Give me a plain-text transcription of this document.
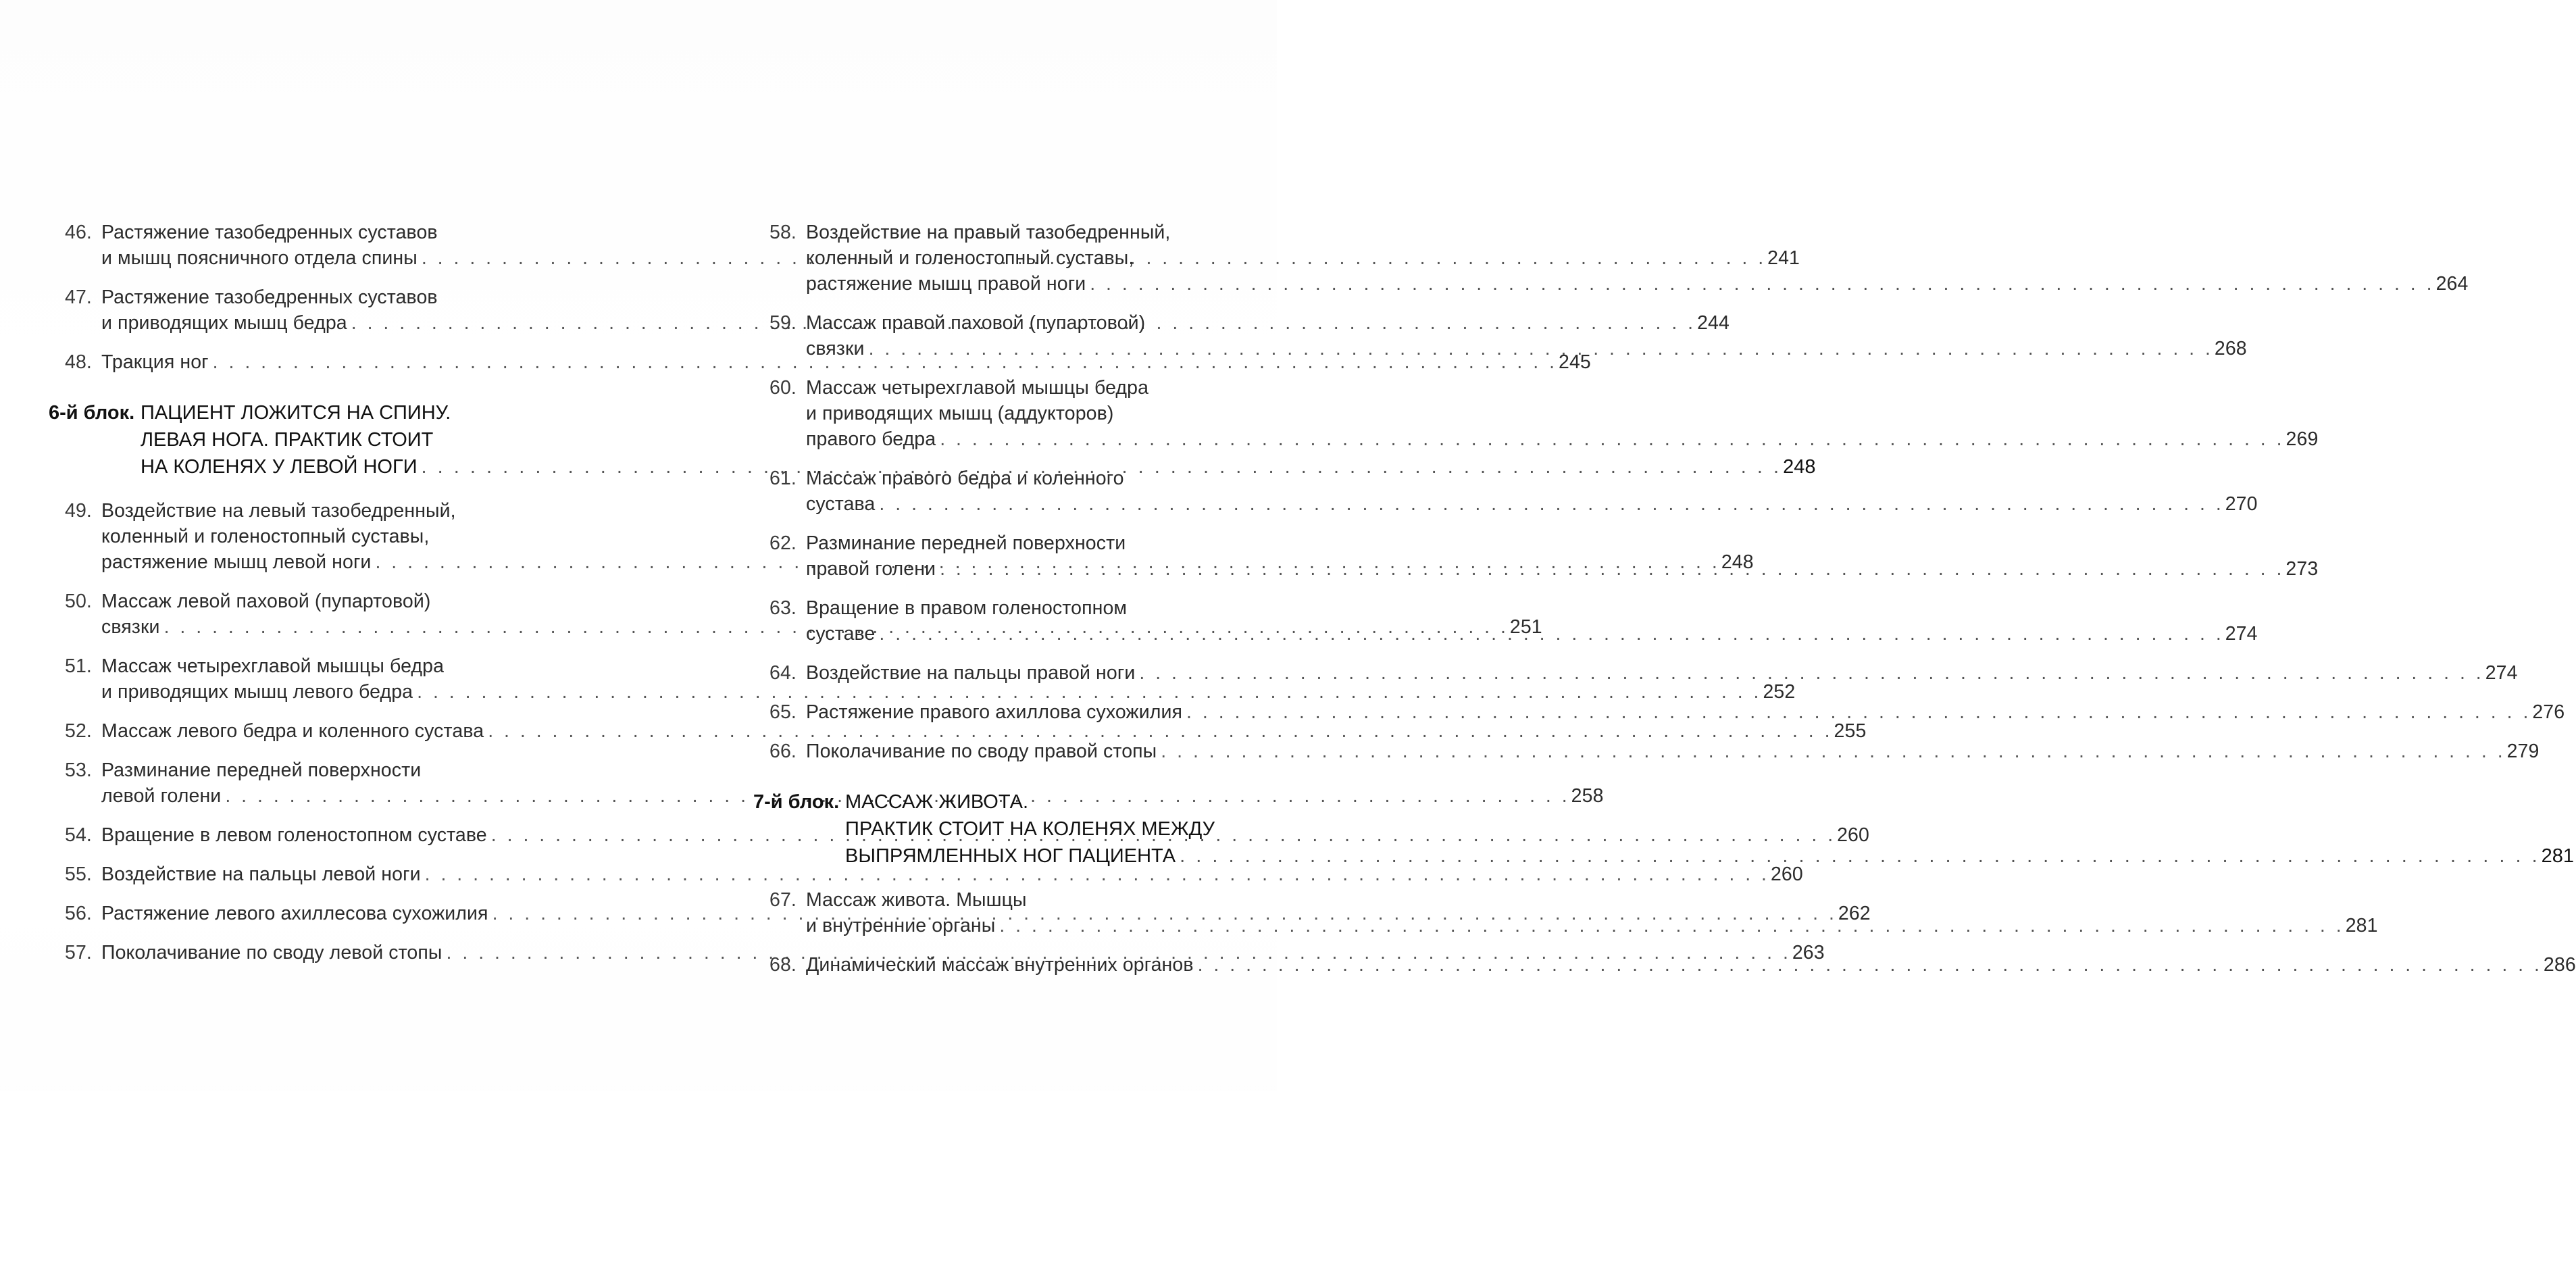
46. Растяжение тазобедренных суставов
и мышц поясничного отдела спины . . .	241
47. Растяжение тазобедренных суставов
и приводящих мышц бедра . . .	244
48. Тракция ног . . .	245
6-й блок. ПАЦИЕНТ ЛОЖИТСЯ НА СПИНУ.
ЛЕВАЯ НОГА. ПРАКТИК СТОИТ
НА КОЛЕНЯХ У ЛЕВОЙ НОГИ . . .	248
49. Воздействие на левый тазобедренный,
коленный и голеностопный суставы,
растяжение мышц левой ноги . . .	248
50. Массаж левой паховой (пупартовой)
связки . . .	251
51. Массаж четырехглавой мышцы бедра
и приводящих мышц левого бедра . . .	252
52. Массаж левого бедра и коленного сустава . . .	255
53. Разминание передней поверхности
левой голени . . .	258
54. Вращение в левом голеностопном суставе . . .	260
55. Воздействие на пальцы левой ноги . . .	260
56. Растяжение левого ахиллесова сухожилия . . .	262
57. Поколачивание по своду левой стопы . . .	263
58. Воздействие на правый тазобедренный,
коленный и голеностопный суставы,
растяжение мышц правой ноги . . .	264
59. Массаж правой паховой (пупартовой)
связки . . .	268
60. Массаж четырехглавой мышцы бедра
и приводящих мышц (аддукторов)
правого бедра . . .	269
61. Массаж правого бедра и коленного
сустава . . .	270
62. Разминание передней поверхности
правой голени . . .	273
63. Вращение в правом голеностопном
суставе . . .	274
64. Воздействие на пальцы правой ноги . . .	274
65. Растяжение правого ахиллова сухожилия . . .	276
66. Поколачивание по своду правой стопы . . .	279
7-й блок. МАССАЖ ЖИВОТА.
ПРАКТИК СТОИТ НА КОЛЕНЯХ МЕЖДУ
ВЫПРЯМЛЕННЫХ НОГ ПАЦИЕНТА . . .	281
67. Массаж живота. Мышцы
и внутренние органы . . .	281
68. Динамический массаж внутренних органов . . .	286
